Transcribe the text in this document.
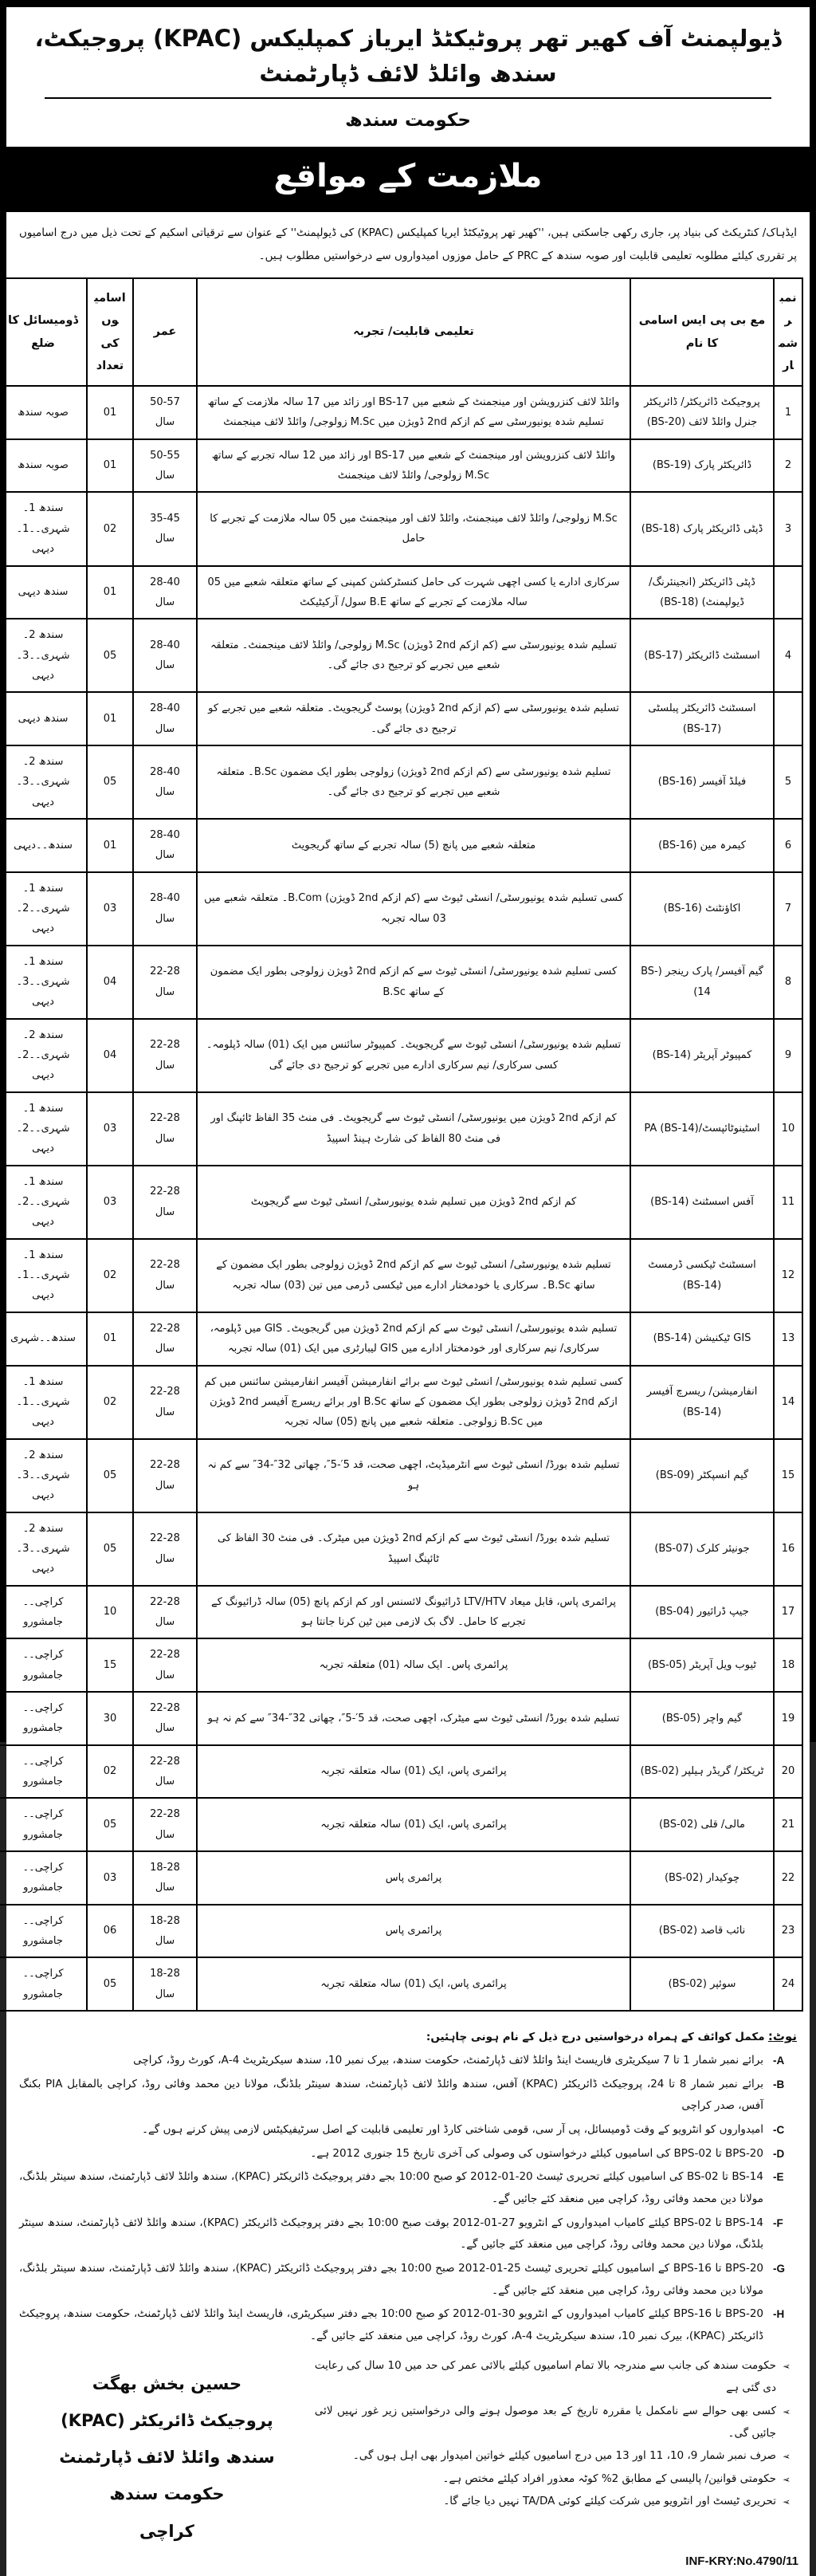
ڈیولپمنٹ آف کھیر تھر پروٹیکٹڈ ایریاز کمپلیکس (KPAC) پروجیکٹ، سندھ وائلڈ لائف ڈپارٹمنٹ
حکومت سندھ
ملازمت کے مواقع
ایڈہاک/ کنٹریکٹ کی بنیاد پر، جاری رکھی جاسکتی ہیں، ''کھیر تھر پروٹیکٹڈ ایریا کمپلیکس (KPAC) کی ڈیولپمنٹ'' کے عنوان سے ترقیاتی اسکیم کے تحت ذیل میں درج اسامیوں پر تقرری کیلئے مطلوبہ تعلیمی قابلیت اور صوبہ سندھ کے PRC کے حامل موزوں امیدواروں سے درخواستیں مطلوب ہیں۔
نمبر شمار	مع بی پی ایس اسامی کا نام	تعلیمی قابلیت/ تجربہ	عمر	اسامیوں کی تعداد	ڈومیسائل کا ضلع
1	پروجیکٹ ڈائریکٹر/ ڈائریکٹر جنرل وائلڈ لائف (BS-20)	وائلڈ لائف کنزرویشن اور مینجمنٹ کے شعبے میں BS-17 اور زائد میں 17 سالہ ملازمت کے ساتھ تسلیم شدہ یونیورسٹی سے کم ازکم 2nd ڈویژن میں M.Sc زولوجی/ وائلڈ لائف مینجمنٹ	50-57 سال	01	صوبہ سندھ
2	ڈائریکٹر پارک (BS-19)	وائلڈ لائف کنزرویشن اور مینجمنٹ کے شعبے میں BS-17 اور زائد میں 12 سالہ تجربے کے ساتھ M.Sc زولوجی/ وائلڈ لائف مینجمنٹ	50-55 سال	01	صوبہ سندھ
3	ڈپٹی ڈائریکٹر پارک (BS-18)	M.Sc زولوجی/ وائلڈ لائف مینجمنٹ، وائلڈ لائف اور مینجمنٹ میں 05 سالہ ملازمت کے تجربے کا حامل	35-45 سال	02	سندھ 1۔شہری۔۔1۔دیہی
	ڈپٹی ڈائریکٹر (انجینئرنگ/ ڈیولپمنٹ) (BS-18)	سرکاری ادارے یا کسی اچھی شہرت کی حامل کنسٹرکشن کمپنی کے ساتھ متعلقہ شعبے میں 05 سالہ ملازمت کے تجربے کے ساتھ B.E سول/ آرکیٹیکٹ	28-40 سال	01	سندھ دیہی
4	اسسٹنٹ ڈائریکٹر (BS-17)	تسلیم شدہ یونیورسٹی سے (کم ازکم 2nd ڈویژن) M.Sc زولوجی/ وائلڈ لائف مینجمنٹ۔ متعلقہ شعبے میں تجربے کو ترجیح دی جائے گی۔	28-40 سال	05	سندھ 2۔شہری۔۔3۔دیہی
	اسسٹنٹ ڈائریکٹر پبلسٹی (BS-17)	تسلیم شدہ یونیورسٹی سے (کم ازکم 2nd ڈویژن) پوسٹ گریجویٹ۔ متعلقہ شعبے میں تجربے کو ترجیح دی جائے گی۔	28-40 سال	01	سندھ دیہی
5	فیلڈ آفیسر (BS-16)	تسلیم شدہ یونیورسٹی سے (کم ازکم 2nd ڈویژن) زولوجی بطور ایک مضمون B.Sc۔ متعلقہ شعبے میں تجربے کو ترجیح دی جائے گی۔	28-40 سال	05	سندھ 2۔شہری۔۔3۔دیہی
6	کیمرہ مین (BS-16)	متعلقہ شعبے میں پانچ (5) سالہ تجربے کے ساتھ گریجویٹ	28-40 سال	01	سندھ۔۔دیہی
7	اکاؤنٹنٹ (BS-16)	کسی تسلیم شدہ یونیورسٹی/ انسٹی ٹیوٹ سے (کم ازکم 2nd ڈویژن) B.Com۔ متعلقہ شعبے میں 03 سالہ تجربہ	28-40 سال	03	سندھ 1۔شہری۔۔2۔دیہی
8	گیم آفیسر/ پارک رینجر (BS-14)	کسی تسلیم شدہ یونیورسٹی/ انسٹی ٹیوٹ سے کم ازکم 2nd ڈویژن زولوجی بطور ایک مضمون کے ساتھ B.Sc	22-28 سال	04	سندھ 1۔شہری۔۔3۔دیہی
9	کمپیوٹر آپریٹر (BS-14)	تسلیم شدہ یونیورسٹی/ انسٹی ٹیوٹ سے گریجویٹ۔ کمپیوٹر سائنس میں ایک (01) سالہ ڈپلومہ۔ کسی سرکاری/ نیم سرکاری ادارے میں تجربے کو ترجیح دی جائے گی	22-28 سال	04	سندھ 2۔شہری۔۔2۔دیہی
10	اسٹینوٹائپسٹ/PA (BS-14)	کم ازکم 2nd ڈویژن میں یونیورسٹی/ انسٹی ٹیوٹ سے گریجویٹ۔ فی منٹ 35 الفاظ ٹائپنگ اور فی منٹ 80 الفاظ کی شارٹ ہینڈ اسپیڈ	22-28 سال	03	سندھ 1۔شہری۔۔2۔دیہی
11	آفس اسسٹنٹ (BS-14)	کم ازکم 2nd ڈویژن میں تسلیم شدہ یونیورسٹی/ انسٹی ٹیوٹ سے گریجویٹ	22-28 سال	03	سندھ 1۔شہری۔۔2۔دیہی
12	اسسٹنٹ ٹیکسی ڈرمسٹ (BS-14)	تسلیم شدہ یونیورسٹی/ انسٹی ٹیوٹ سے کم ازکم 2nd ڈویژن زولوجی بطور ایک مضمون کے ساتھ B.Sc۔ سرکاری یا خودمختار ادارے میں ٹیکسی ڈرمی میں تین (03) سالہ تجربہ	22-28 سال	02	سندھ 1۔شہری۔۔1۔دیہی
13	GIS ٹیکنیشن (BS-14)	تسلیم شدہ یونیورسٹی/ انسٹی ٹیوٹ سے کم ازکم 2nd ڈویژن میں گریجویٹ۔ GIS میں ڈپلومہ، سرکاری/ نیم سرکاری اور خودمختار ادارے میں GIS لیبارٹری میں ایک (01) سالہ تجربہ	22-28 سال	01	سندھ۔۔شہری
14	انفارمیشن/ ریسرچ آفیسر (BS-14)	کسی تسلیم شدہ یونیورسٹی/ انسٹی ٹیوٹ سے برائے انفارمیشن آفیسر انفارمیشن سائنس میں کم ازکم 2nd ڈویژن زولوجی بطور ایک مضمون کے ساتھ B.Sc اور برائے ریسرچ آفیسر 2nd ڈویژن میں B.Sc زولوجی۔ متعلقہ شعبے میں پانچ (05) سالہ تجربہ	22-28 سال	02	سندھ 1۔شہری۔۔1۔دیہی
15	گیم انسپکٹر (BS-09)	تسلیم شدہ بورڈ/ انسٹی ٹیوٹ سے انٹرمیڈیٹ، اچھی صحت، قد 5′-5″، چھاتی 32″-34″ سے کم نہ ہو	22-28 سال	05	سندھ 2۔شہری۔۔3۔دیہی
16	جونیئر کلرک (BS-07)	تسلیم شدہ بورڈ/ انسٹی ٹیوٹ سے کم ازکم 2nd ڈویژن میں میٹرک۔ فی منٹ 30 الفاظ کی ٹائپنگ اسپیڈ	22-28 سال	05	سندھ 2۔شہری۔۔3۔دیہی
17	جیپ ڈرائیور (BS-04)	پرائمری پاس، قابل میعاد LTV/HTV ڈرائیونگ لائسنس اور کم ازکم پانچ (05) سالہ ڈرائیونگ کے تجربے کا حامل۔ لاگ بک لازمی مین ٹین کرنا جانتا ہو	22-28 سال	10	کراچی۔۔جامشورو
18	ٹیوب ویل آپریٹر (BS-05)	پرائمری پاس۔ ایک سالہ (01) متعلقہ تجربہ	22-28 سال	15	کراچی۔۔جامشورو
19	گیم واچر (BS-05)	تسلیم شدہ بورڈ/ انسٹی ٹیوٹ سے میٹرک، اچھی صحت، قد 5′-5″، چھاتی 32″-34″ سے کم نہ ہو	22-28 سال	30	کراچی۔۔جامشورو
20	ٹریکٹر/ گریڈر ہیلپر (BS-02)	پرائمری پاس، ایک (01) سالہ متعلقہ تجربہ	22-28 سال	02	کراچی۔۔جامشورو
21	مالی/ قلی (BS-02)	پرائمری پاس، ایک (01) سالہ متعلقہ تجربہ	22-28 سال	05	کراچی۔۔جامشورو
22	چوکیدار (BS-02)	پرائمری پاس	18-28 سال	03	کراچی۔۔جامشورو
23	نائب قاصد (BS-02)	پرائمری پاس	18-28 سال	06	کراچی۔۔جامشورو
24	سوئپر (BS-02)	پرائمری پاس، ایک (01) سالہ متعلقہ تجربہ	18-28 سال	05	کراچی۔۔جامشورو
نوٹ: مکمل کوائف کے ہمراہ درخواستیں درج ذیل کے نام ہونی چاہئیں:
-A
برائے نمبر شمار 1 تا 7 سیکریٹری فاریسٹ اینڈ وائلڈ لائف ڈپارٹمنٹ، حکومت سندھ، بیرک نمبر 10، سندھ سیکریٹریٹ 4-A، کورٹ روڈ، کراچی
-B
برائے نمبر شمار 8 تا 24، پروجیکٹ ڈائریکٹر (KPAC) آفس، سندھ وائلڈ لائف ڈپارٹمنٹ، سندھ سینٹر بلڈنگ، مولانا دین محمد وفائی روڈ، کراچی بالمقابل PIA بکنگ آفس، صدر کراچی
-C
امیدواروں کو انٹرویو کے وقت ڈومیسائل، پی آر سی، قومی شناختی کارڈ اور تعلیمی قابلیت کے اصل سرٹیفیکیٹس لازمی پیش کرنے ہوں گے۔
-D
BPS-20 تا BPS-02 کی اسامیوں کیلئے درخواستوں کی وصولی کی آخری تاریخ 15 جنوری 2012 ہے۔
-E
BS-14 تا BS-02 کی اسامیوں کیلئے تحریری ٹیسٹ 20-01-2012 کو صبح 10:00 بجے دفتر پروجیکٹ ڈائریکٹر (KPAC)، سندھ وائلڈ لائف ڈپارٹمنٹ، سندھ سینٹر بلڈنگ، مولانا دین محمد وفائی روڈ، کراچی میں منعقد کئے جائیں گے۔
-F
BPS-14 تا BPS-02 کیلئے کامیاب امیدواروں کے انٹرویو 27-01-2012 بوقت صبح 10:00 بجے دفتر پروجیکٹ ڈائریکٹر (KPAC)، سندھ وائلڈ لائف ڈپارٹمنٹ، سندھ سینٹر بلڈنگ، مولانا دین محمد وفائی روڈ، کراچی میں منعقد کئے جائیں گے۔
-G
BPS-20 تا BPS-16 کے اسامیوں کیلئے تحریری ٹیسٹ 25-01-2012 صبح 10:00 بجے دفتر پروجیکٹ ڈائریکٹر (KPAC)، سندھ وائلڈ لائف ڈپارٹمنٹ، سندھ سینٹر بلڈنگ، مولانا دین محمد وفائی روڈ، کراچی میں منعقد کئے جائیں گے۔
-H
BPS-20 تا BPS-16 کیلئے کامیاب امیدواروں کے انٹرویو 30-01-2012 کو صبح 10:00 بجے دفتر سیکریٹری، فاریسٹ اینڈ وائلڈ لائف ڈپارٹمنٹ، حکومت سندھ، پروجیکٹ ڈائریکٹر (KPAC)، بیرک نمبر 10، سندھ سیکریٹریٹ 4-A، کورٹ روڈ، کراچی میں منعقد کئے جائیں گے۔
➢
حکومت سندھ کی جانب سے مندرجہ بالا تمام اسامیوں کیلئے بالائی عمر کی حد میں 10 سال کی رعایت دی گئی ہے
➢
کسی بھی حوالے سے نامکمل یا مقررہ تاریخ کے بعد موصول ہونے والی درخواستیں زیر غور نہیں لائی جائیں گی۔
➢
صرف نمبر شمار 9، 10، 11 اور 13 میں درج اسامیوں کیلئے خواتین امیدوار بھی اہل ہوں گی۔
➢
حکومتی قوانین/ پالیسی کے مطابق 2% کوٹہ معذور افراد کیلئے مختص ہے۔
➢
تحریری ٹیسٹ اور انٹرویو میں شرکت کیلئے کوئی TA/DA نہیں دیا جائے گا۔
حسین بخش بھگت
پروجیکٹ ڈائریکٹر (KPAC)
سندھ وائلڈ لائف ڈپارٹمنٹ
حکومت سندھ
کراچی
INF-KRY:No.4790/11
